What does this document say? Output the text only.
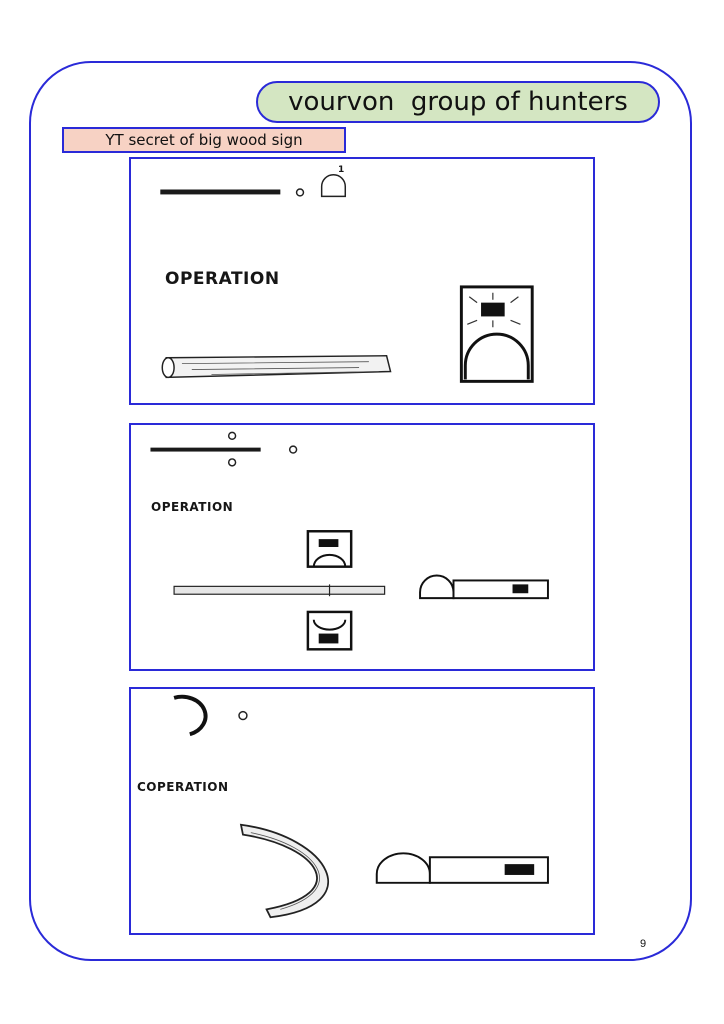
vourvon  group of hunters
YT secret of big wood sign
OPERATION
1
OPERATION
COPERATION
9
